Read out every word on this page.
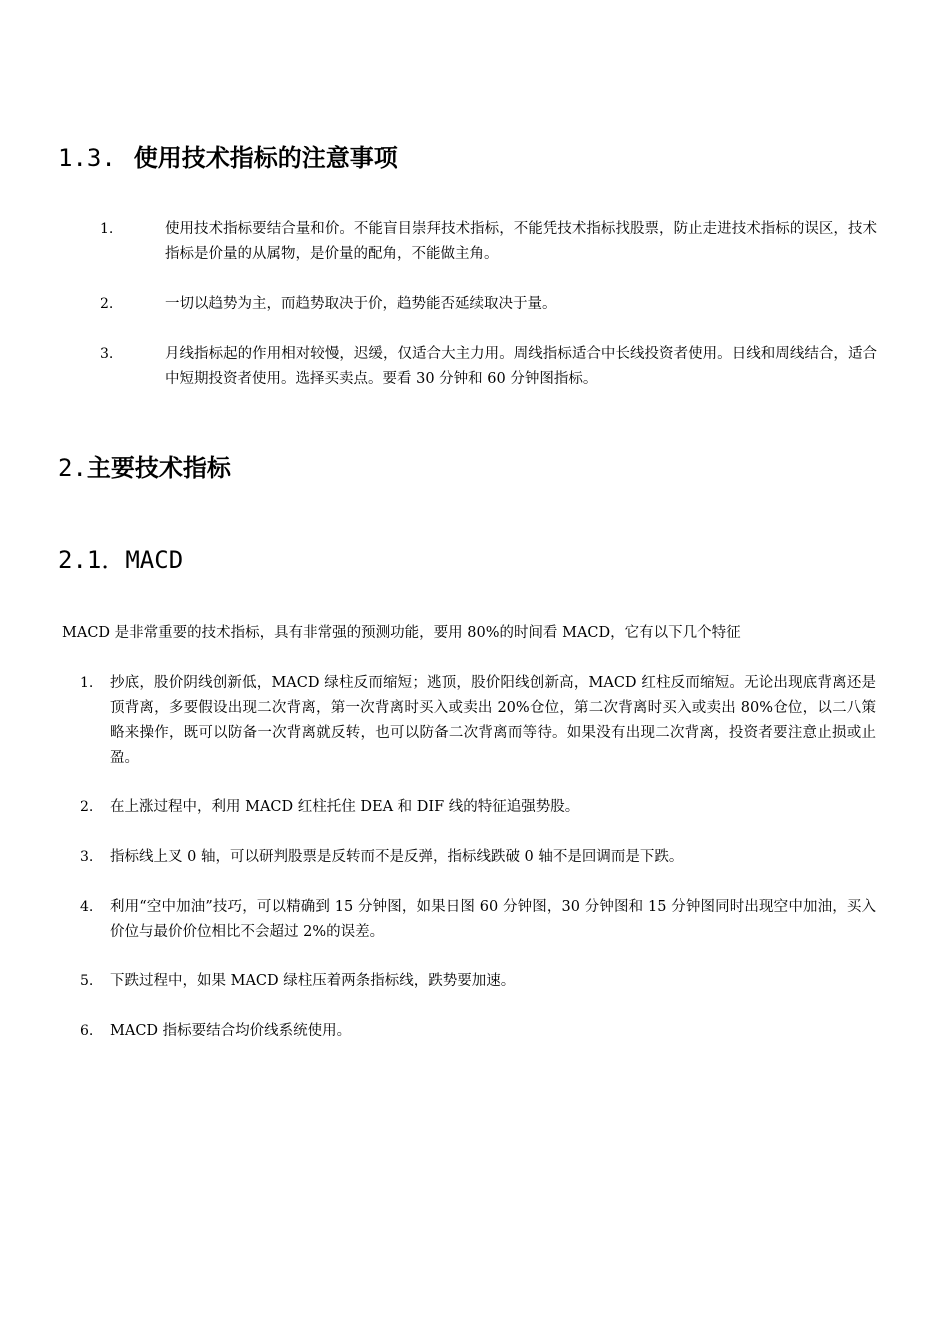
1.3. 使用技术指标的注意事项
1.	使用技术指标要结合量和价。不能盲目崇拜技术指标，不能凭技术指标找股票，防止走进技术指标的误区，技术指标是价量的从属物，是价量的配角，不能做主角。
2.	一切以趋势为主，而趋势取决于价，趋势能否延续取决于量。
3.	月线指标起的作用相对较慢，迟缓，仅适合大主力用。周线指标适合中长线投资者使用。日线和周线结合，适合中短期投资者使用。选择买卖点。要看 30 分钟和 60 分钟图指标。
2.主要技术指标
2.1．MACD
MACD 是非常重要的技术指标，具有非常强的预测功能，要用 80%的时间看 MACD，它有以下几个特征
1. 抄底，股价阴线创新低，MACD 绿柱反而缩短；逃顶，股价阳线创新高，MACD 红柱反而缩短。无论出现底背离还是顶背离，多要假设出现二次背离，第一次背离时买入或卖出 20%仓位，第二次背离时买入或卖出 80%仓位，以二八策略来操作，既可以防备一次背离就反转，也可以防备二次背离而等待。如果没有出现二次背离，投资者要注意止损或止盈。
2. 在上涨过程中，利用 MACD 红柱托住 DEA 和 DIF 线的特征追强势股。
3. 指标线上叉 0 轴，可以研判股票是反转而不是反弹，指标线跌破 0 轴不是回调而是下跌。
4. 利用“空中加油”技巧，可以精确到 15 分钟图，如果日图 60 分钟图，30 分钟图和 15 分钟图同时出现空中加油，买入价位与最价价位相比不会超过 2%的误差。
5. 下跌过程中，如果 MACD 绿柱压着两条指标线，跌势要加速。
6. MACD 指标要结合均价线系统使用。
